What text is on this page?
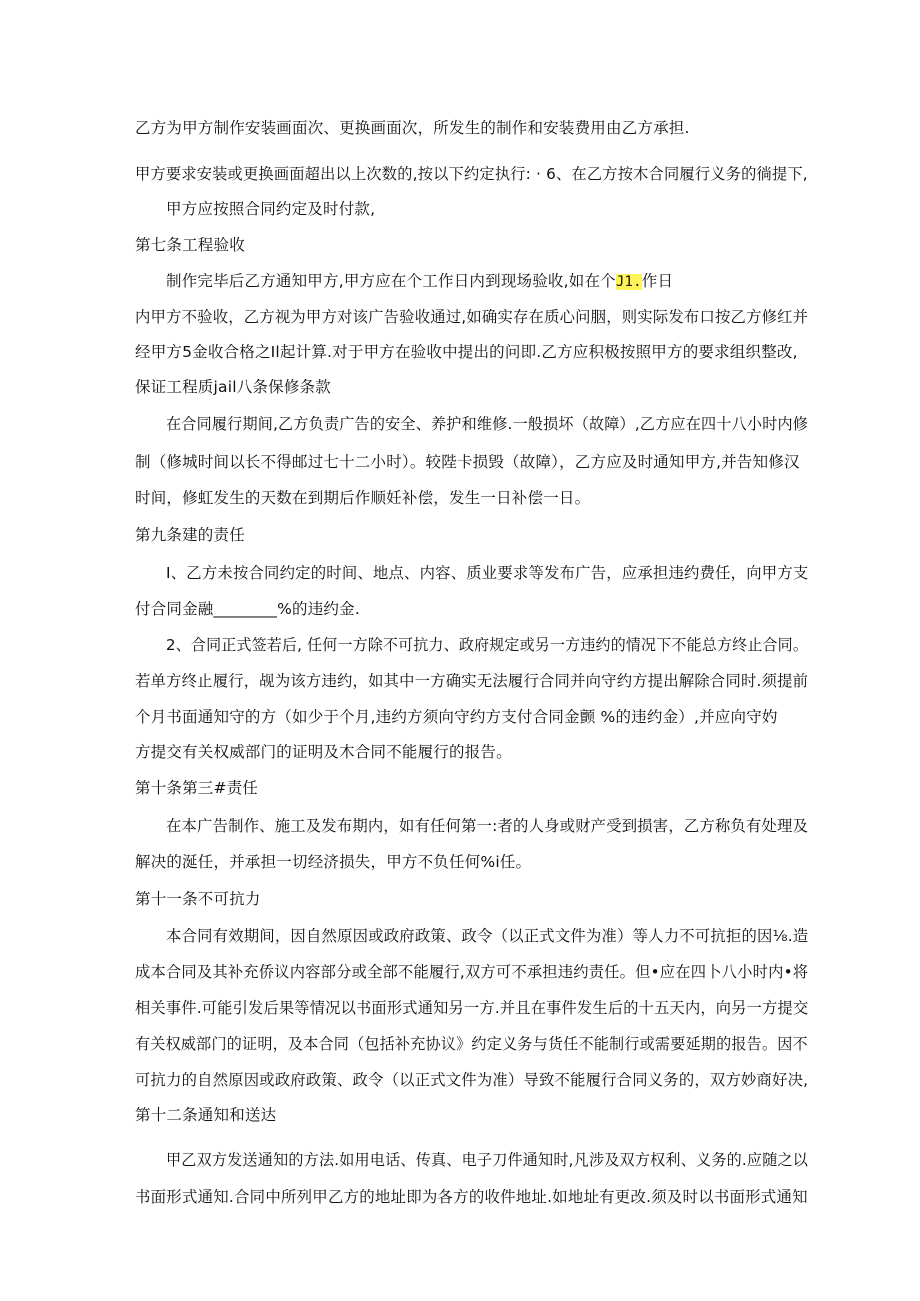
乙方为甲方制作安装画面次、更换画面次，所发生的制作和安装费用由乙方承担.
甲方要求安装或更换画面超出以上次数的,按以下约定执行: · 6、在乙方按木合同履行义务的徜提下,
甲方应按照合同约定及时付款,
第七条工程验收
制作完毕后乙方通知甲方,甲方应在个工作日内到现场验收,如在个J1.作日
内甲方不验收，乙方视为甲方对该广告验收通过,如确实存在质心问胭，则实际发布口按乙方修红并
经甲方5金收合格之Il起计算.对于甲方在验收中提出的问即.乙方应积极按照甲方的要求组织整改,
保证工程质jail八条保修条款
在合同履行期间,乙方负责广告的安全、养护和维修.一般损坏（故障）,乙方应在四十八小时内修
制（修城时间以长不得邮过七十二小时）。较陛卡损毁（故障），乙方应及时通知甲方,并告知修汉
时间，修虹发生的天数在到期后作顺妊补偿，发生一日补偿一日。
第九条建的责任
I、乙方未按合同约定的时间、地点、内容、质业要求等发布广告，应承担违约费任，向甲方支
付合同金融________%的违约金.
2、合同正式签若后, 任何一方除不可抗力、政府规定或另一方违约的情况下不能总方终止合同。
若单方终止履行，觇为该方违约，如其中一方确实无法履行合同并向守约方提出解除合同时.须提前
个月书面通知守的方（如少于个月,违约方须向守约方支付合同金颤 %的违约金）,并应向守妁
方提交有关权威部门的证明及木合同不能履行的报告。
第十条第三#责任
在本广告制作、施工及发布期内，如有任何第一:者的人身或财产受到损害，乙方称负有处理及
解决的涎任，并承担一切经济损失，甲方不负任何%i任。
第十一条不可抗力
本合同有效期间，因自然原因或政府政策、政令（以正式文件为准）等人力不可抗拒的因⅛.造
成本合同及其补充侨议内容部分或全部不能履行,双方可不承担违约责任。但•应在四卜八小时内•将
相关事件.可能引发后果等情况以书面形式通知另一方.并且在事件发生后的十五天内，向另一方提交
有关权威部门的证明，及本合同（包括补充协议》约定义务与货任不能制行或需要延期的报告。因不
可抗力的自然原因或政府政策、政令（以正式文件为准）导致不能履行合同义务的，双方妙商好决,
第十二条通知和送达
甲乙双方发送通知的方法.如用电话、传真、电子刀件通知时,凡涉及双方权利、义务的.应随之以
书面形式通知.合同中所列甲乙方的地址即为各方的收件地址.如地址有更改.须及时以书面形式通知
